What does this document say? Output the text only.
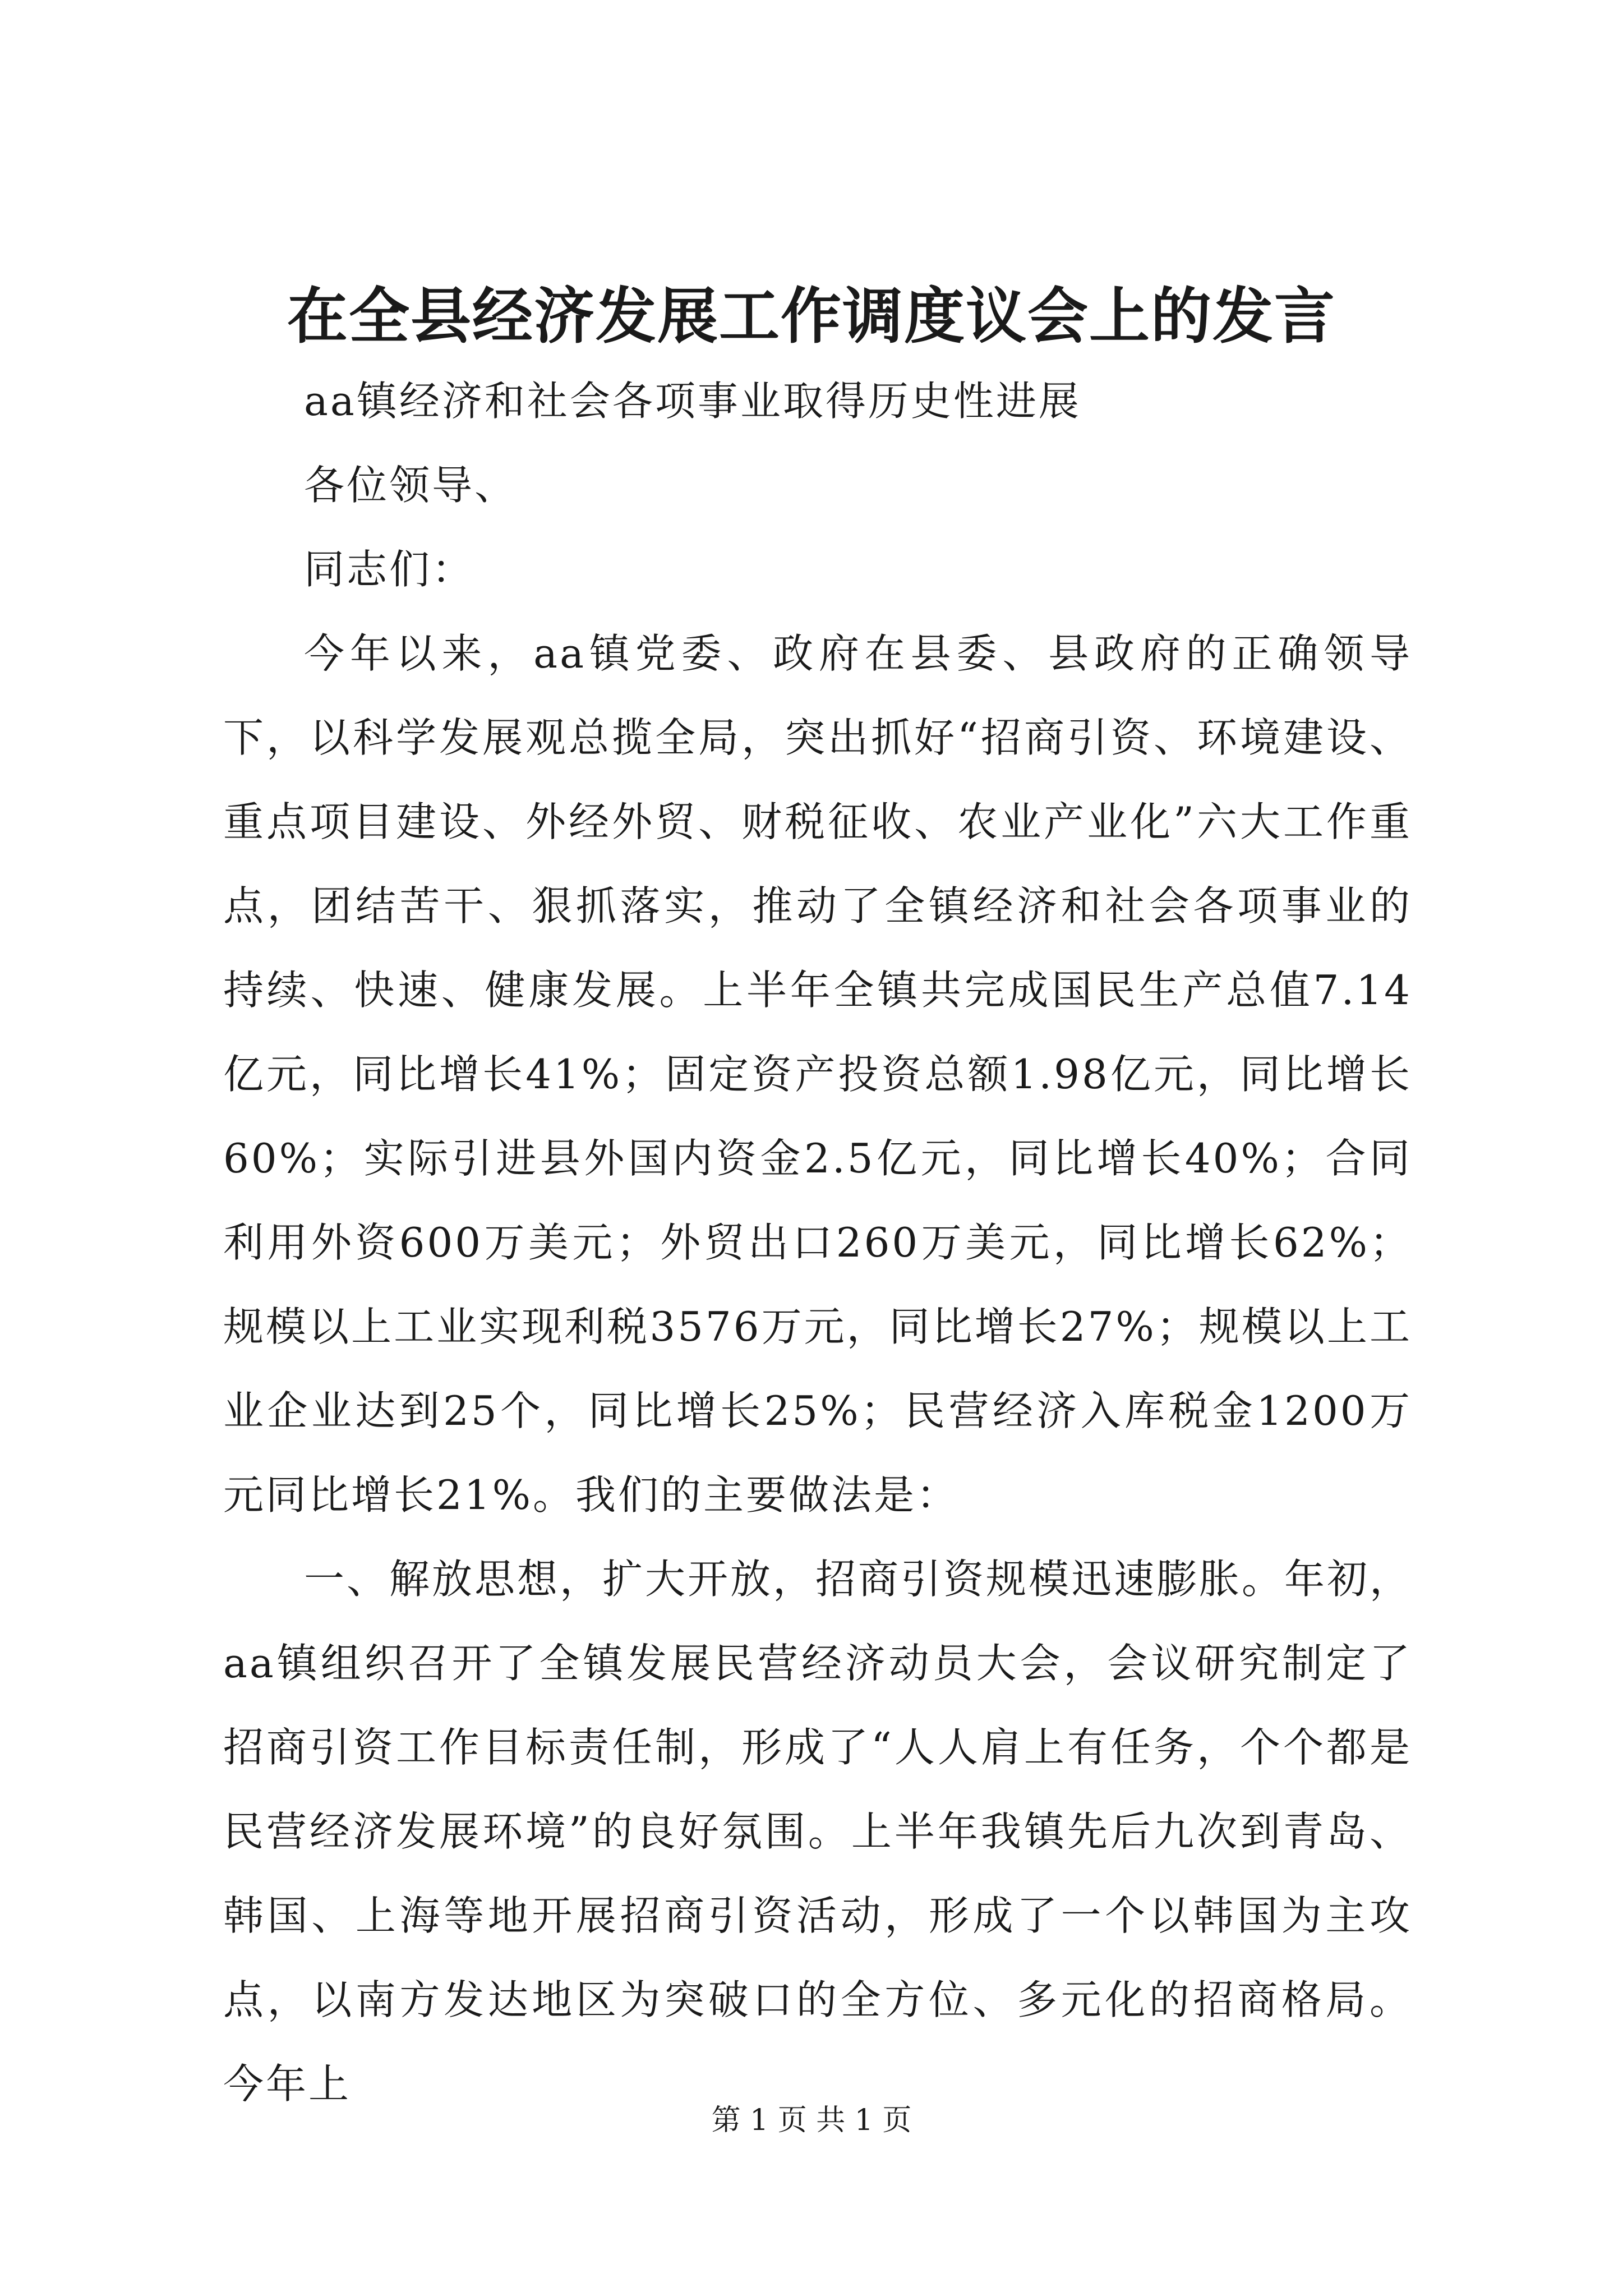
在全县经济发展工作调度议会上的发言

aa镇经济和社会各项事业取得历史性进展

各位领导、

同志们：

今年以来，aa镇党委、政府在县委、县政府的正确领导下，以科学发展观总揽全局，突出抓好“招商引资、环境建设、重点项目建设、外经外贸、财税征收、农业产业化”六大工作重点，团结苦干、狠抓落实，推动了全镇经济和社会各项事业的持续、快速、健康发展。上半年全镇共完成国民生产总值7.14亿元，同比增长41%；固定资产投资总额1.98亿元，同比增长60%；实际引进县外国内资金2.5亿元，同比增长40%；合同利用外资600万美元；外贸出口260万美元，同比增长62%；规模以上工业实现利税3576万元，同比增长27%；规模以上工业企业达到25个，同比增长25%；民营经济入库税金1200万元同比增长21%。我们的主要做法是：

一、解放思想，扩大开放，招商引资规模迅速膨胀。年初，aa镇组织召开了全镇发展民营经济动员大会，会议研究制定了招商引资工作目标责任制，形成了“人人肩上有任务，个个都是民营经济发展环境”的良好氛围。上半年我镇先后九次到青岛、韩国、上海等地开展招商引资活动，形成了一个以韩国为主攻点，以南方发达地区为突破口的全方位、多元化的招商格局。今年上

第 1 页 共 1 页
